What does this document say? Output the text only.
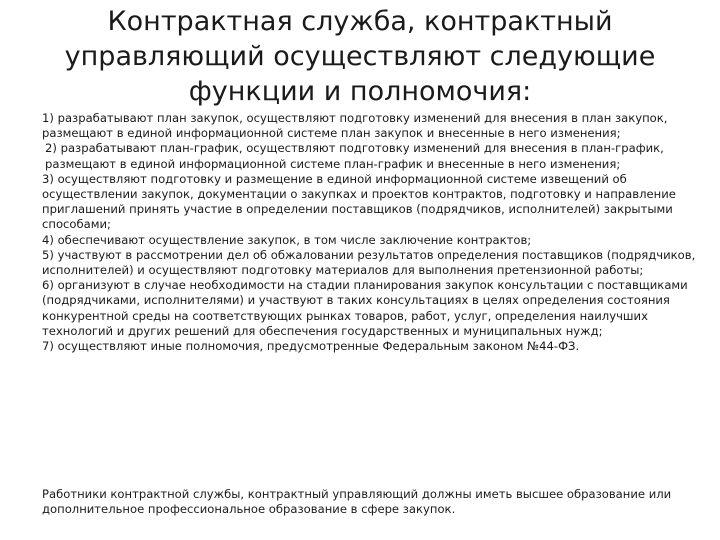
Контрактная служба, контрактный
управляющий осуществляют следующие
функции и полномочия:

1) разрабатывают план закупок, осуществляют подготовку изменений для внесения в план закупок, размещают в единой информационной системе план закупок и внесенные в него изменения;

2) разрабатывают план-график, осуществляют подготовку изменений для внесения в план-график, размещают в единой информационной системе план-график и внесенные в него изменения;

3) осуществляют подготовку и размещение в единой информационной системе извещений об осуществлении закупок, документации о закупках и проектов контрактов, подготовку и направление приглашений принять участие в определении поставщиков (подрядчиков, исполнителей) закрытыми способами;

4) обеспечивают осуществление закупок, в том числе заключение контрактов;

5) участвуют в рассмотрении дел об обжаловании результатов определения поставщиков (подрядчиков, исполнителей) и осуществляют подготовку материалов для выполнения претензионной работы;

6) организуют в случае необходимости на стадии планирования закупок консультации с поставщиками (подрядчиками, исполнителями) и участвуют в таких консультациях в целях определения состояния конкурентной среды на соответствующих рынках товаров, работ, услуг, определения наилучших технологий и других решений для обеспечения государственных и муниципальных нужд;

7) осуществляют иные полномочия, предусмотренные Федеральным законом №44-ФЗ.

Работники контрактной службы, контрактный управляющий должны иметь высшее образование или дополнительное профессиональное образование в сфере закупок.
